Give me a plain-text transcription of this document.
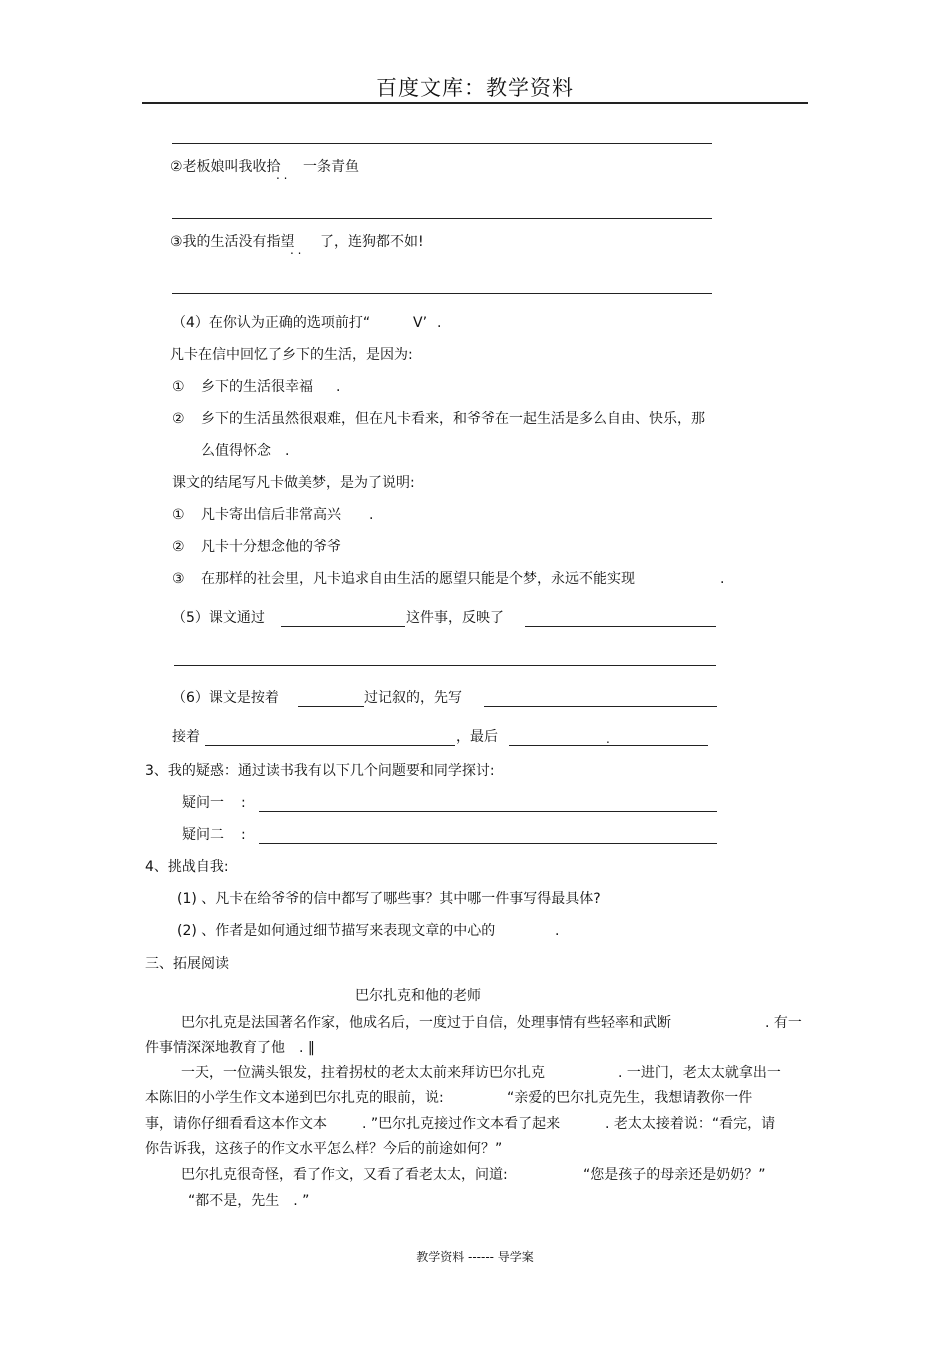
百度文库：教学资料
②老板娘叫我收拾
. . 一条青鱼
③我的生活没有指望
. . 了，连狗都不如!
（4）在你认为正确的选项前打“	V’ .
凡卡在信中回忆了乡下的生活，是因为:
① 乡下的生活很幸福 .
② 乡下的生活虽然很艰难，但在凡卡看来，和爷爷在一起生活是多么自由、快乐，那
么值得怀念 .
课文的结尾写凡卡做美梦，是为了说明:
① 凡卡寄出信后非常高兴 .
② 凡卡十分想念他的爷爷
③ 在那样的社会里，凡卡追求自由生活的愿望只能是个梦，永远不能实现	.
（5）课文通过	这件事，反映了
（6）课文是按着	过记叙的，先写
接着	，最后	.
3、我的疑惑：通过读书我有以下几个问题要和同学探讨:
疑问一 :
疑问二 :
4、挑战自我:
(1) 、凡卡在给爷爷的信中都写了哪些事？其中哪一件事写得最具体?
(2) 、作者是如何通过细节描写来表现文章的中心的	.
三、拓展阅读
巴尔扎克和他的老师
巴尔扎克是法国著名作家，他成名后，一度过于自信，处理事情有些轻率和武断	. 有一
件事情深深地教育了他　. ‖
一天，一位满头银发，拄着拐杖的老太太前来拜访巴尔扎克	. 一进门，老太太就拿出一
本陈旧的小学生作文本递到巴尔扎克的眼前，说:	“亲爱的巴尔扎克先生，我想请教你一件
事，请你仔细看看这本作文本	. ”巴尔扎克接过作文本看了起来	. 老太太接着说：“看完，请
你告诉我，这孩子的作文水平怎么样？今后的前途如何？”
巴尔扎克很奇怪，看了作文，又看了看老太太，问道:	“您是孩子的母亲还是奶奶？”
“都不是，先生　. ”
教学资料 ------ 导学案
